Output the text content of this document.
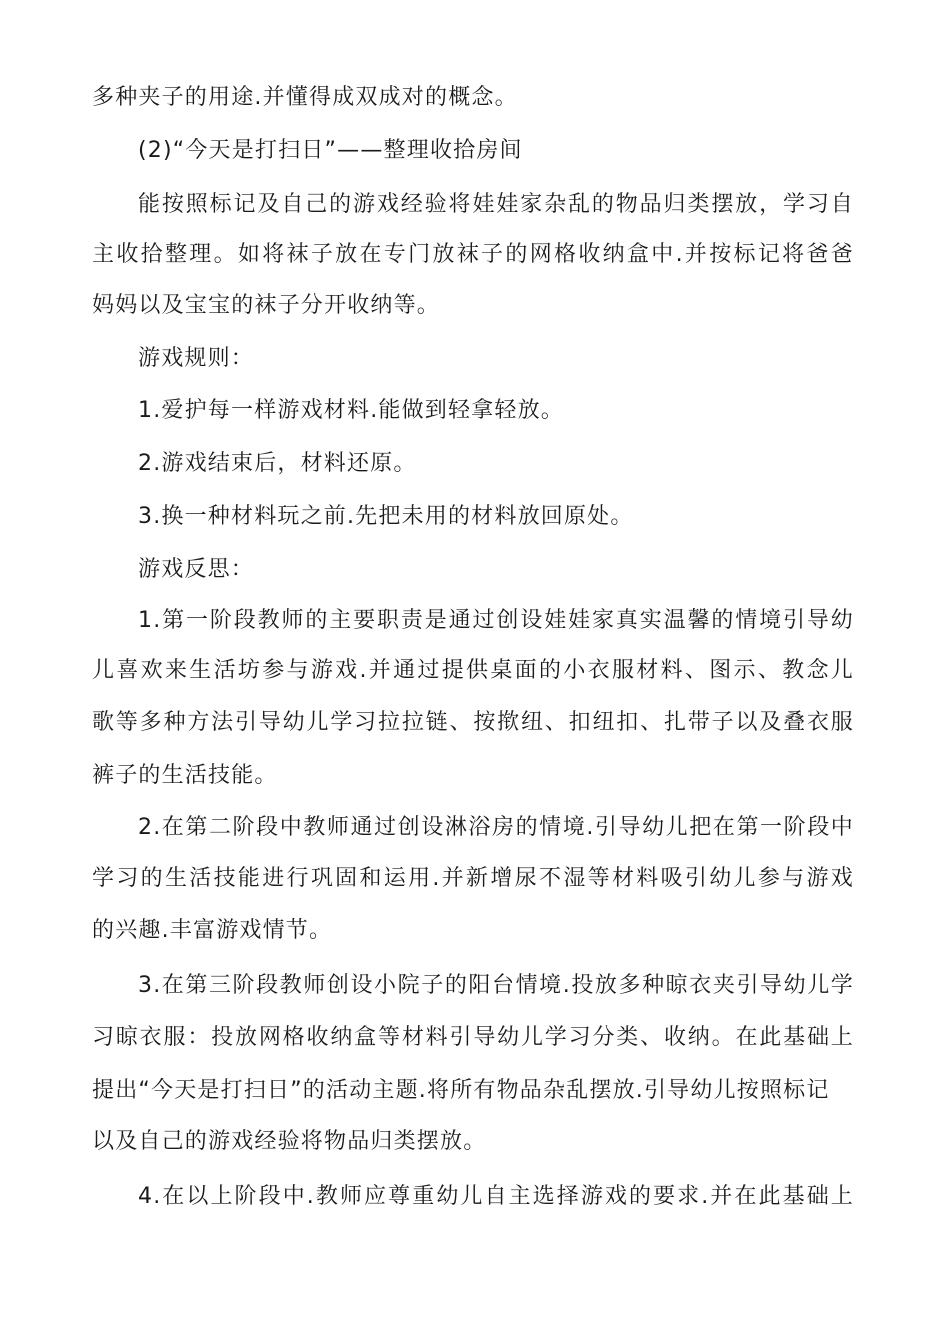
多种夹子的用途.并懂得成双成对的概念。
(2)“今天是打扫日”——整理收拾房间
能按照标记及自己的游戏经验将娃娃家杂乱的物品归类摆放，学习自
主收拾整理。如将袜子放在专门放袜子的网格收纳盒中.并按标记将爸爸
妈妈以及宝宝的袜子分开收纳等。
游戏规则：
1.爱护每一样游戏材料.能做到轻拿轻放。
2.游戏结束后，材料还原。
3.换一种材料玩之前.先把未用的材料放回原处。
游戏反思：
1.第一阶段教师的主要职责是通过创设娃娃家真实温馨的情境引导幼
儿喜欢来生活坊参与游戏.并通过提供桌面的小衣服材料、图示、教念儿
歌等多种方法引导幼儿学习拉拉链、按揿纽、扣纽扣、扎带子以及叠衣服
裤子的生活技能。
2.在第二阶段中教师通过创设淋浴房的情境.引导幼儿把在第一阶段中
学习的生活技能进行巩固和运用.并新增尿不湿等材料吸引幼儿参与游戏
的兴趣.丰富游戏情节。
3.在第三阶段教师创设小院子的阳台情境.投放多种晾衣夹引导幼儿学
习晾衣服：投放网格收纳盒等材料引导幼儿学习分类、收纳。在此基础上
提出“今天是打扫日”的活动主题.将所有物品杂乱摆放.引导幼儿按照标记
以及自己的游戏经验将物品归类摆放。
4.在以上阶段中.教师应尊重幼儿自主选择游戏的要求.并在此基础上
